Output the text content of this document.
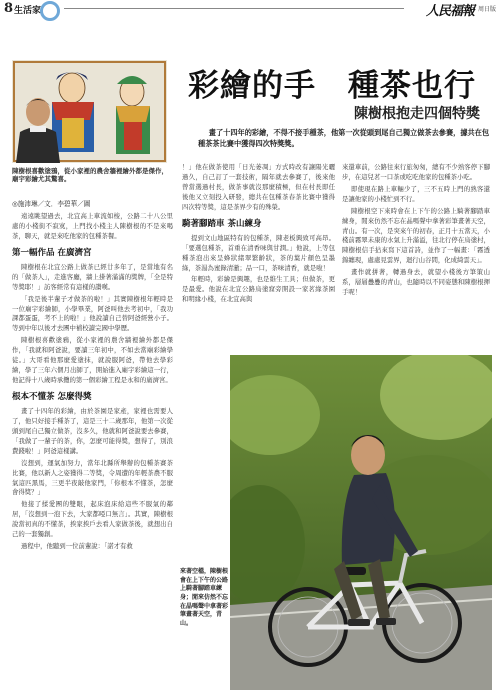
8 生活家	人民福報 周日版
陳樹根喜歡塗鴉，從小家裡的農舍牆裡繪外都是傑作，廟宇彩繪尤其驚喜。
彩繪的手　種茶也行
陳樹根抱走四個特獎

畫了十四年的彩繪，不得不接手種茶，他第一次從頭到尾自己獨立做茶去參賽，據共在包種茶茶比賽中獲得四次特獎獎。

◎施沛琳／文．李碧華／圖

遠遠眺望過去，北宜高上車流如梭，公路二十八公里處的小棧街不寂寞，上門找小棧主人陳樹根的不是來喝茶，聊天，就是來吃他家的包種茶餐。

第一幅作品 在廣濟宮

陳樹根在北宜公路上做茶已經廿多年了，是當地有名的「做茶人」，走進客廳，牆上掛著滿滿的獎牌，「全是特等獎耶！」訪客經常有這樣的讚嘆。

「我是後半輩子才做茶的啦！」其實陳樹根年輕時是一位廟宇彩繪師，小學畢業，阿爸叫他去考初中，「我功課都蛋蛋，考不上的啦！」他說讀自己替阿爸經營小子。等到中年以後才去團中補校讀完國中學歷。

陳樹根喜歡塗鴉，從小家裡的農舍牆裡繪外都是傑作，「我就和阿爸說，要讀三年初中，不如去當廟彩繪學徒。」大哥看他那麼愛塗抹，就說服阿爸，帶他去學彩繪，學了三年六個月出師了，開始進入廟宇彩繪這一行，他記得十八歲時承攬的第一個彩繪工程是永和的廣濟宮。

根本不懂茶 怎麼得獎

畫了十四年的彩繪，由於茶園是家產，家裡也需要人了，他只好接手種茶了，這是三十二歲那年，他第一次從頭到尾自己獨立做茶，沒多久，他就和阿爸說要去參賽，「我做了一輩子的茶，你，怎麼可能得獎，想得了，別浪費錢啦！」阿爸這樣講。

沒想到，運氣加努力，當年北縣所舉辦的包種茶賽茶比賽，他以新人之姿獲得二等獎，令周遭的年輕茶農不服氣這匹黑馬，三更半夜敲他家門，「你根本不懂茶，怎麼會得獎？」

他接了揉愛團的雙眼，起床泡床給這些不服氣的鄰居，「沒想到一泡下去，大家都啞口無言」。其實，陳樹根說當初真的不懂茶，挨家挨戶去看人家做茶後，就想出自己的一套獨創。

過程中，他聽到一位前輩說：「諾才有救

！」他在做茶使用「日光萎凋」方式時改有讓陽光曬過久，自己訂了一套技術，隔年就去參賽了，後來他曾當選過村長，做茶事就沒那麼積極，但在村長即任後他又立刻投入研發，總共在包種茶春茶比賽中獲得四次特等獎，這是茶界少有的殊榮。

騎著腳踏車 茶山練身

提到文山地區特有的包種茶，陳老板興致可高昂。「要選包種茶，首重在清香味與甘潤。」他說，上等包種茶泡出來呈蜂狀緒翠繁齡狀，茶的葉片顏色呈墨綠，茶湯為蜜錄清澈；品一口，茶味清香，就是啦！

年輕時，彩繪是興趣，也是維生工具；但做茶，更是最愛。他說在北宜公路烏塗窟旁開設一家茗緣茶園和明緣小棧，在北宜高與

來還車前，公路往來行旅匆匆，總有不少熟客停下腳步，在這兒茗一口茶或吃吃他家的包種茶小吃。

即使現在路上車輛少了，三不五時上門的熟客還是讓他家的小棧忙到不行。

陳樹根空下來時會在上下午的公路上騎著腳踏車練身，閒來仿然不忘在晶嗎聲中拿著彩筆畫著天空，青山。有一次，是突來午的初春，正月十五當天，小棧前霧翠未康的水氣上升滿溢，往北行停在烏塗村，陳樹根信手拈來寫下這首詩，並作了一幅畫：「霧透錦纏現，處處見雲界，迴行山谷間，化成綺雲天」。

畫作就拼著，轉過身去，就望小棧後方筆策山系，層層疊疊的青山，也隨時以不同姿態和陳樹根揮手呢！

來著空檔，陳樹根會在上下午的公路上騎著腳踏車練身；閒來仿然不忘在晶嗎聲中拿著彩筆畫著天空，青山。
